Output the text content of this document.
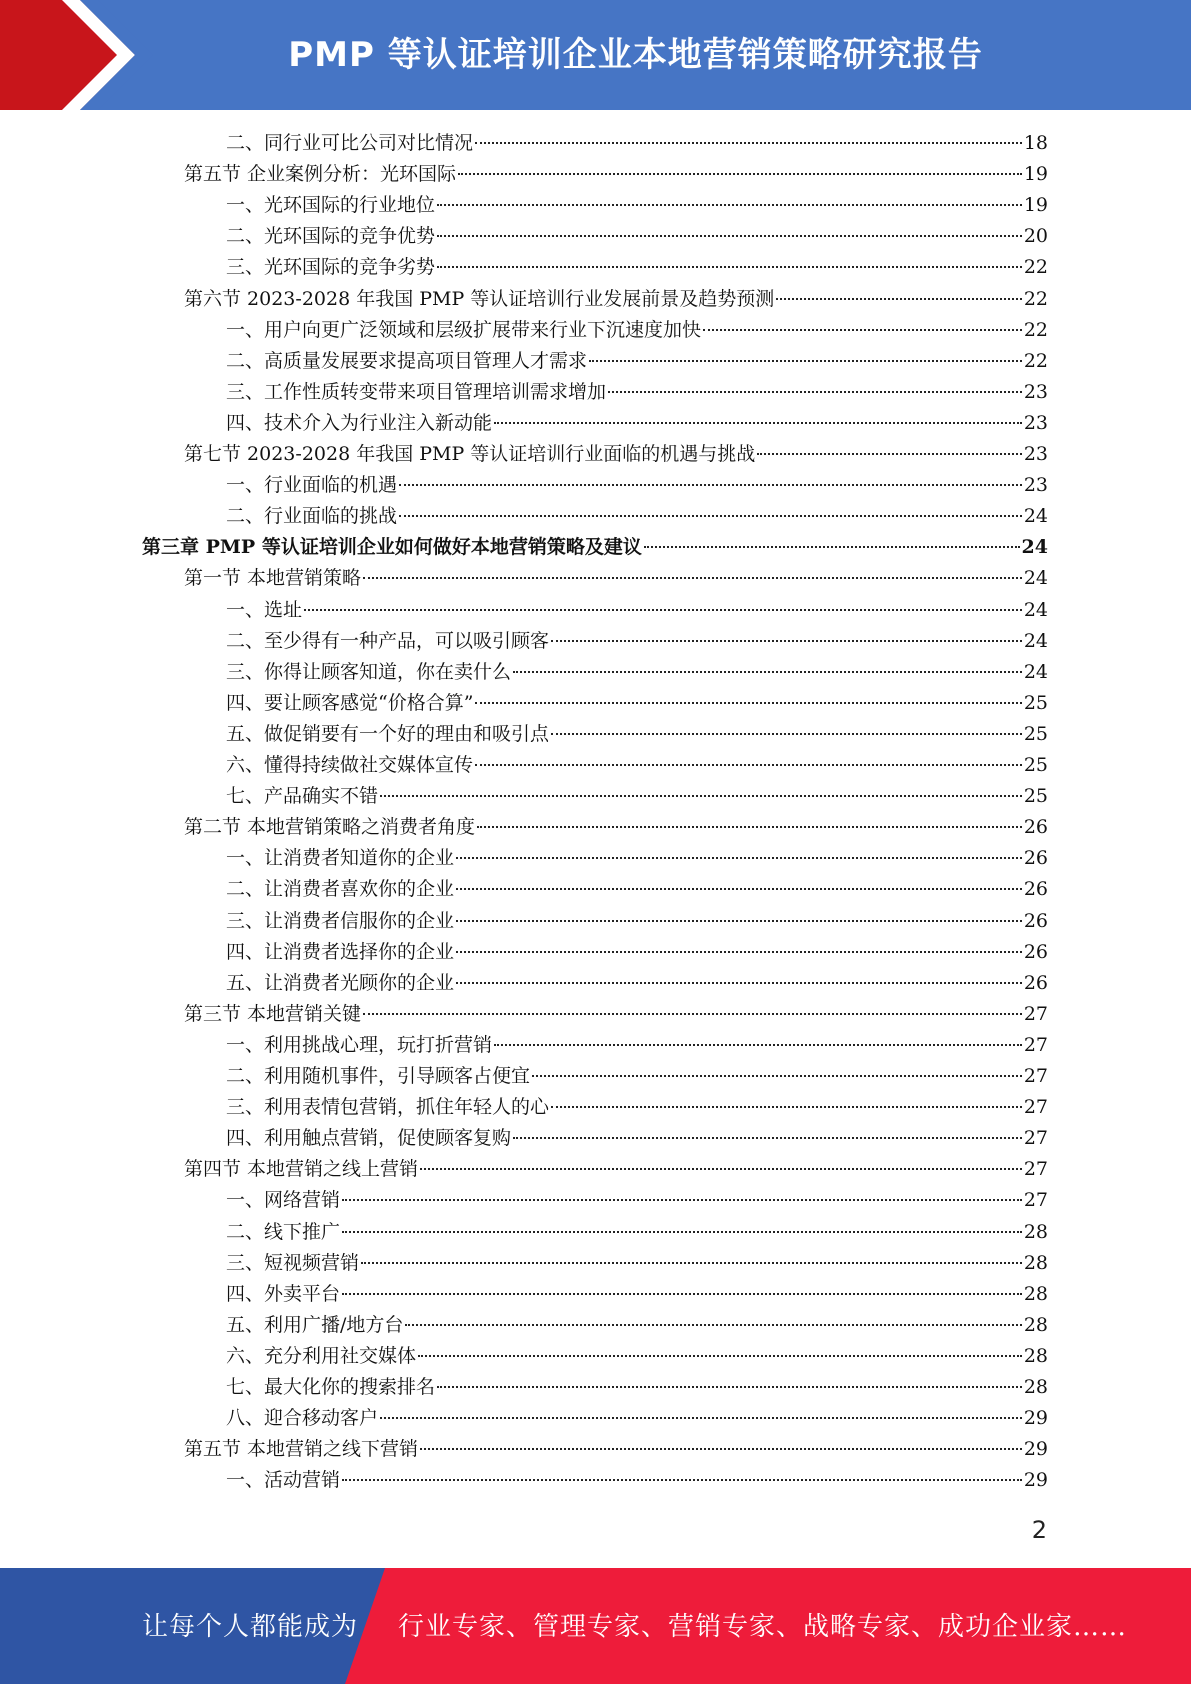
PMP 等认证培训企业本地营销策略研究报告
二、同行业可比公司对比情况	18
第五节 企业案例分析：光环国际	19
一、光环国际的行业地位	19
二、光环国际的竞争优势	20
三、光环国际的竞争劣势	22
第六节 2023-2028 年我国 PMP 等认证培训行业发展前景及趋势预测	22
一、用户向更广泛领域和层级扩展带来行业下沉速度加快	22
二、高质量发展要求提高项目管理人才需求	22
三、工作性质转变带来项目管理培训需求增加	23
四、技术介入为行业注入新动能	23
第七节 2023-2028 年我国 PMP 等认证培训行业面临的机遇与挑战	23
一、行业面临的机遇	23
二、行业面临的挑战	24
第三章 PMP 等认证培训企业如何做好本地营销策略及建议	24
第一节 本地营销策略	24
一、选址	24
二、至少得有一种产品，可以吸引顾客	24
三、你得让顾客知道，你在卖什么	24
四、要让顾客感觉“价格合算”	25
五、做促销要有一个好的理由和吸引点	25
六、懂得持续做社交媒体宣传	25
七、产品确实不错	25
第二节 本地营销策略之消费者角度	26
一、让消费者知道你的企业	26
二、让消费者喜欢你的企业	26
三、让消费者信服你的企业	26
四、让消费者选择你的企业	26
五、让消费者光顾你的企业	26
第三节 本地营销关键	27
一、利用挑战心理，玩打折营销	27
二、利用随机事件，引导顾客占便宜	27
三、利用表情包营销，抓住年轻人的心	27
四、利用触点营销，促使顾客复购	27
第四节 本地营销之线上营销	27
一、网络营销	27
二、线下推广	28
三、短视频营销	28
四、外卖平台	28
五、利用广播/地方台	28
六、充分利用社交媒体	28
七、最大化你的搜索排名	28
八、迎合移动客户	29
第五节 本地营销之线下营销	29
一、活动营销	29
2
让每个人都能成为 行业专家、管理专家、营销专家、战略专家、成功企业家……
